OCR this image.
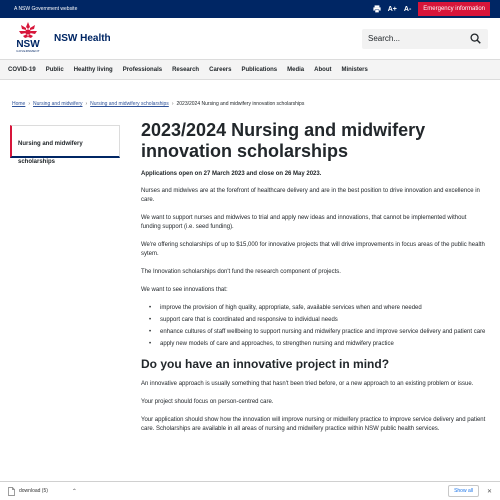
A NSW Government website	A+ A-	Emergency information
NSW
GOVERNMENT
NSW Health
Search...
COVID-19 Public Healthy living Professionals Research Careers Publications Media About Ministers
Home › Nursing and midwifery › Nursing and midwifery scholarships › 2023/2024 Nursing and midwifery innovation scholarships
Nursing and midwifery scholarships
2023/2024 Nursing and midwifery innovation scholarships

Applications open on 27 March 2023 and close on 26 May 2023.

Nurses and midwives are at the forefront of healthcare delivery and are in the best position to drive innovation and excellence in care.

We want to support nurses and midwives to trial and apply new ideas and innovations, that cannot be implemented without funding support (i.e. seed funding).

We're offering scholarships of up to $15,000 for innovative projects that will drive improvements in focus areas of the public health sytem.

The Innovation scholarships don't fund the research component of projects.

We want to see innovations that:

• improve the provision of high quality, appropriate, safe, available services when and where needed
• support care that is coordinated and responsive to individual needs
• enhance cultures of staff wellbeing to support nursing and midwifery practice and improve service delivery and patient care
• apply new models of care and approaches, to strengthen nursing and midwifery practice
Do you have an innovative project in mind?

An innovative approach is usually something that hasn't been tried before, or a new approach to an existing problem or issue.

Your project should focus on person-centred care.

Your application should show how the innovation will improve nursing or midwifery practice to improve service delivery and patient care. Scholarships are available in all areas of nursing and midwifery practice within NSW public health services.

download (5)	⌃	Show all	✕
